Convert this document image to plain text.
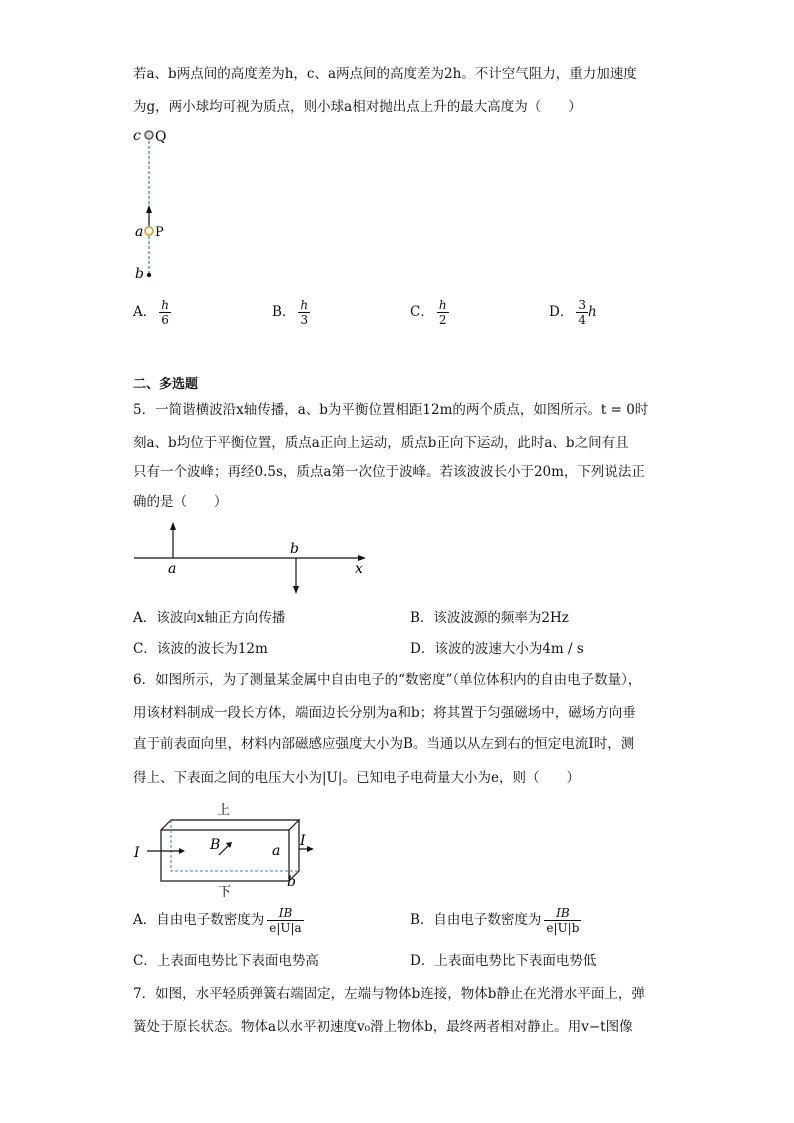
若a、b两点间的高度差为h，c、a两点间的高度差为2h。不计空气阻力，重力加速度
为g，两小球均可视为质点，则小球a相对抛出点上升的最大高度为（　　）
c Q
a P
b
A． $\frac{h}{6}$	B． $\frac{h}{3}$	C． $\frac{h}{2}$	D． $\frac{3}{4}$ h
二、多选题
5．一简谐横波沿x轴传播，a、b为平衡位置相距12m的两个质点，如图所示。t = 0时
刻a、b均位于平衡位置，质点a正向上运动，质点b正向下运动，此时a、b之间有且
只有一个波峰；再经0.5s，质点a第一次位于波峰。若该波波长小于20m，下列说法正
确的是（　　）
a
b
x
A．该波向x轴正方向传播	B．该波波源的频率为2Hz
C．该波的波长为12m	D．该波的波速大小为4m / s
6．如图所示，为了测量某金属中自由电子的“数密度”（单位体积内的自由电子数量），
用该材料制成一段长方体，端面边长分别为a和b；将其置于匀强磁场中，磁场方向垂
直于前表面向里，材料内部磁感应强度大小为B。当通以从左到右的恒定电流I时，测
得上、下表面之间的电压大小为|U|。已知电子电荷量大小为e，则（　　）
上
下
I
I
B	a
b
A．自由电子数密度为 $\frac{IB}{e|U|a}$	B．自由电子数密度为 $\frac{IB}{e|U|b}$
C．上表面电势比下表面电势高	D．上表面电势比下表面电势低
7．如图，水平轻质弹簧右端固定，左端与物体b连接，物体b静止在光滑水平面上，弹
簧处于原长状态。物体a以水平初速度v₀滑上物体b，最终两者相对静止。用v−t图像
